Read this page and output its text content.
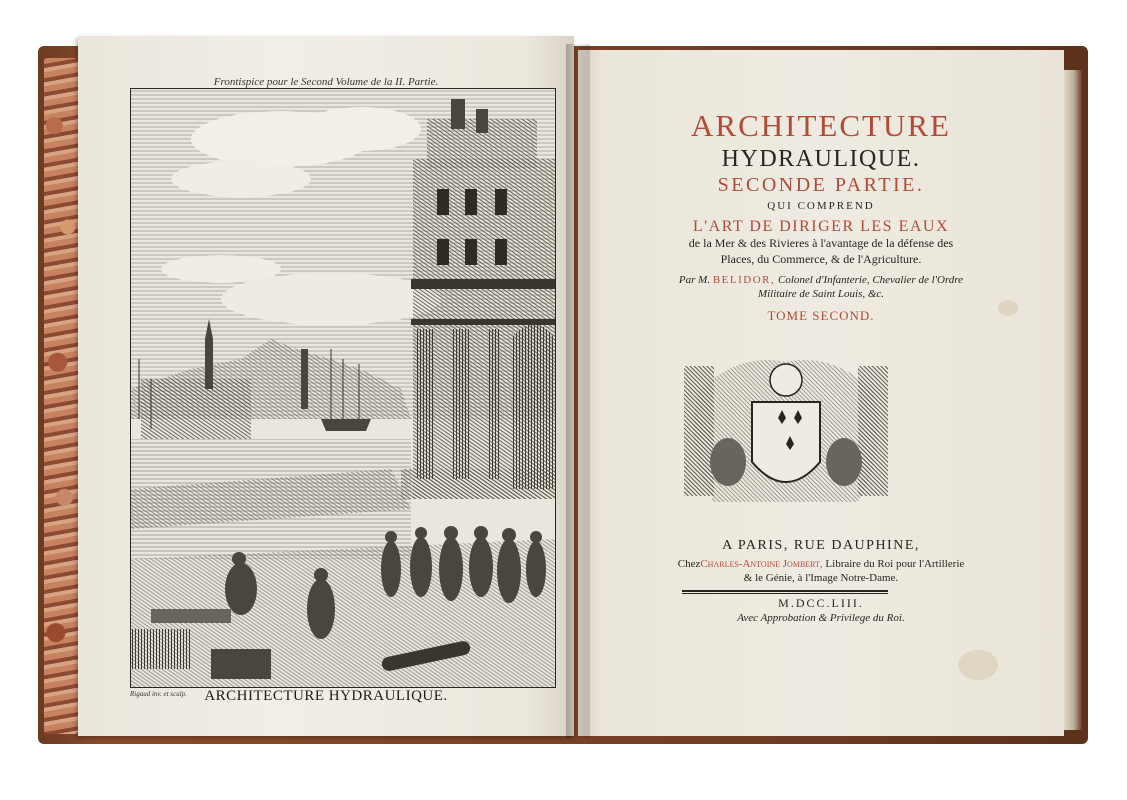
Frontispice pour le Second Volume de la II. Partie.
Rigaud inv. et sculp.	ARCHITECTURE HYDRAULIQUE.
ARCHITECTURE
HYDRAULIQUE.
SECONDE PARTIE.
QUI COMPREND
L'ART DE DIRIGER LES EAUX
de la Mer & des Rivieres à l'avantage de la défense des
Places, du Commerce, & de l'Agriculture.
Par M. BELIDOR, Colonel d'Infanterie, Chevalier de l'Ordre
Militaire de Saint Louis, &c.
TOME SECOND.
A PARIS, RUE DAUPHINE,
ChezCharles-Antoine Jombert, Libraire du Roi pour l'Artillerie
& le Génie, à l'Image Notre-Dame.
M.DCC.LIII.
Avec Approbation & Privilege du Roi.
